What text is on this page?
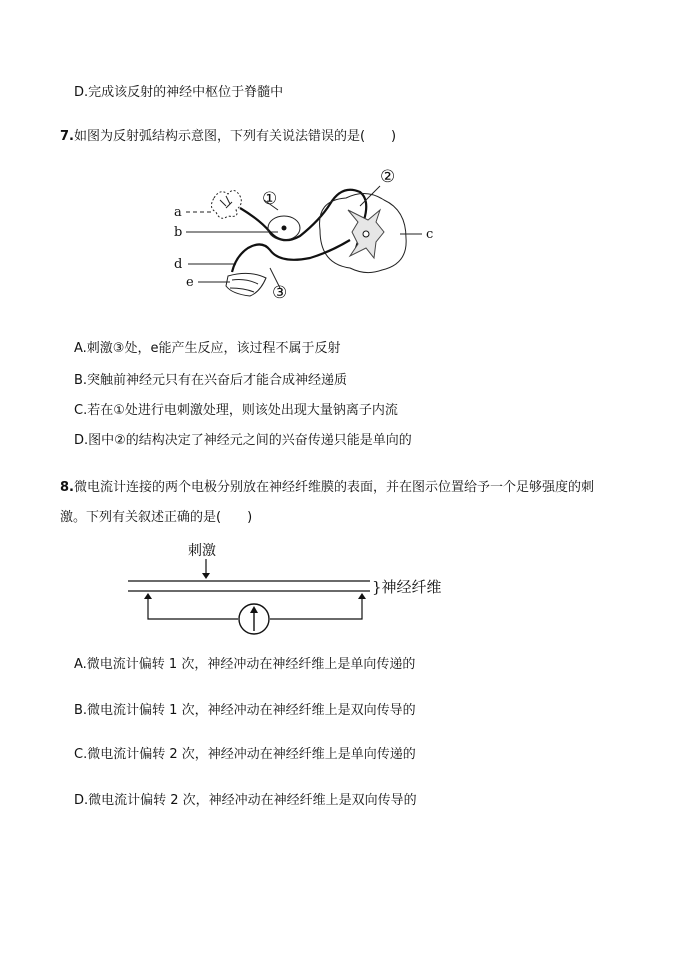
D.完成该反射的神经中枢位于脊髓中
7.如图为反射弧结构示意图，下列有关说法错误的是(　　)
a
b	c
d
e
①
②
③
A.刺激③处，e能产生反应，该过程不属于反射
B.突触前神经元只有在兴奋后才能合成神经递质
C.若在①处进行电刺激处理，则该处出现大量钠离子内流
D.图中②的结构决定了神经元之间的兴奋传递只能是单向的
8.微电流计连接的两个电极分别放在神经纤维膜的表面，并在图示位置给予一个足够强度的刺
激。下列有关叙述正确的是(　　)
刺激
}神经纤维
A.微电流计偏转 1 次，神经冲动在神经纤维上是单向传递的
B.微电流计偏转 1 次，神经冲动在神经纤维上是双向传导的
C.微电流计偏转 2 次，神经冲动在神经纤维上是单向传递的
D.微电流计偏转 2 次，神经冲动在神经纤维上是双向传导的
